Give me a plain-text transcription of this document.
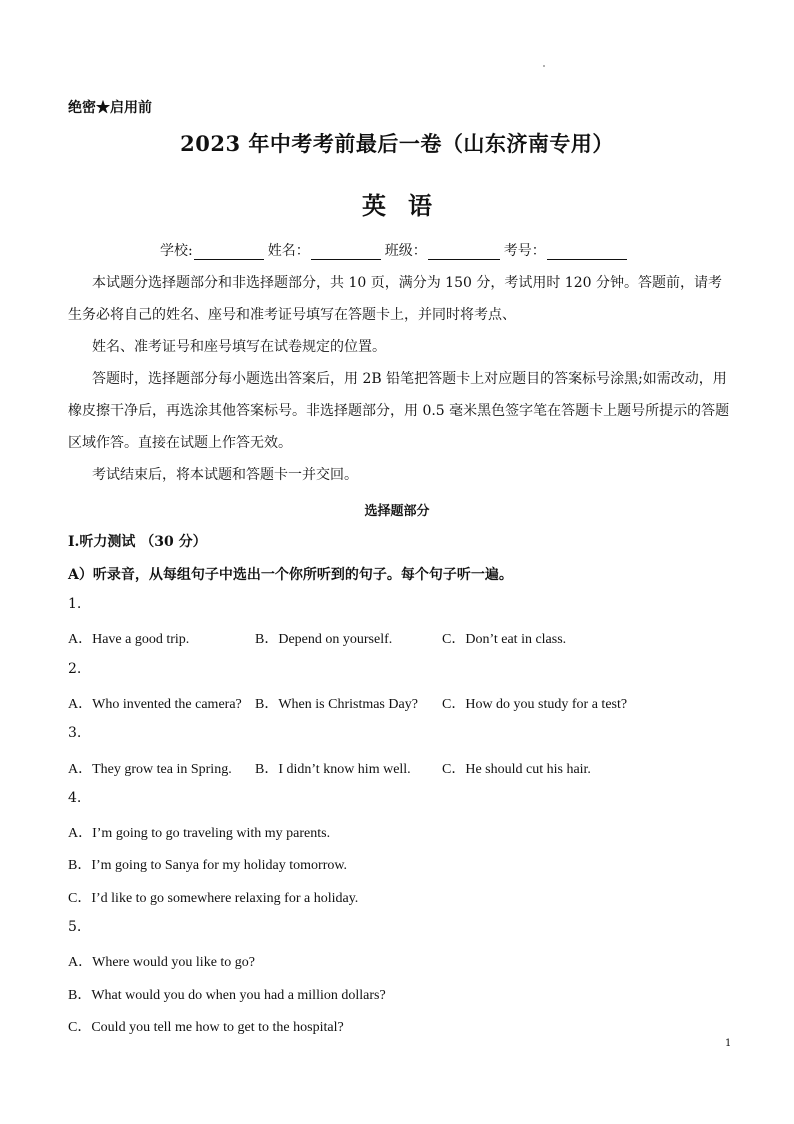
绝密★启用前
2023 年中考考前最后一卷（山东济南专用）
英语
学校:	姓名：	班级：	考号：

本试题分选择题部分和非选择题部分，共 10 页，满分为 150 分，考试用时 120 分钟。答题前，请考生务必将自己的姓名、座号和准考证号填写在答题卡上，并同时将考点、

姓名、准考证号和座号填写在试卷规定的位置。

答题时，选择题部分每小题选出答案后，用 2B 铅笔把答题卡上对应题目的答案标号涂黑;如需改动，用橡皮擦干净后，再选涂其他答案标号。非选择题部分，用 0.5 毫米黑色签字笔在答题卡上题号所提示的答题区域作答。直接在试题上作答无效。

考试结束后，将本试题和答题卡一并交回。

选择题部分
I.听力测试 （30 分）
A）听录音，从每组句子中选出一个你所听到的句子。每个句子听一遍。
1.
A．Have a good trip.	B．Depend on yourself.	C．Don’t eat in class.
2.
A．Who invented the camera? B．When is Christmas Day? C．How do you study for a test?
3.
A．They grow tea in Spring. B．I didn’t know him well. C．He should cut his hair.
4.
A．I’m going to go traveling with my parents.
B．I’m going to Sanya for my holiday tomorrow.
C．I’d like to go somewhere relaxing for a holiday.
5.
A．Where would you like to go?
B．What would you do when you had a million dollars?
C．Could you tell me how to get to the hospital?
1
